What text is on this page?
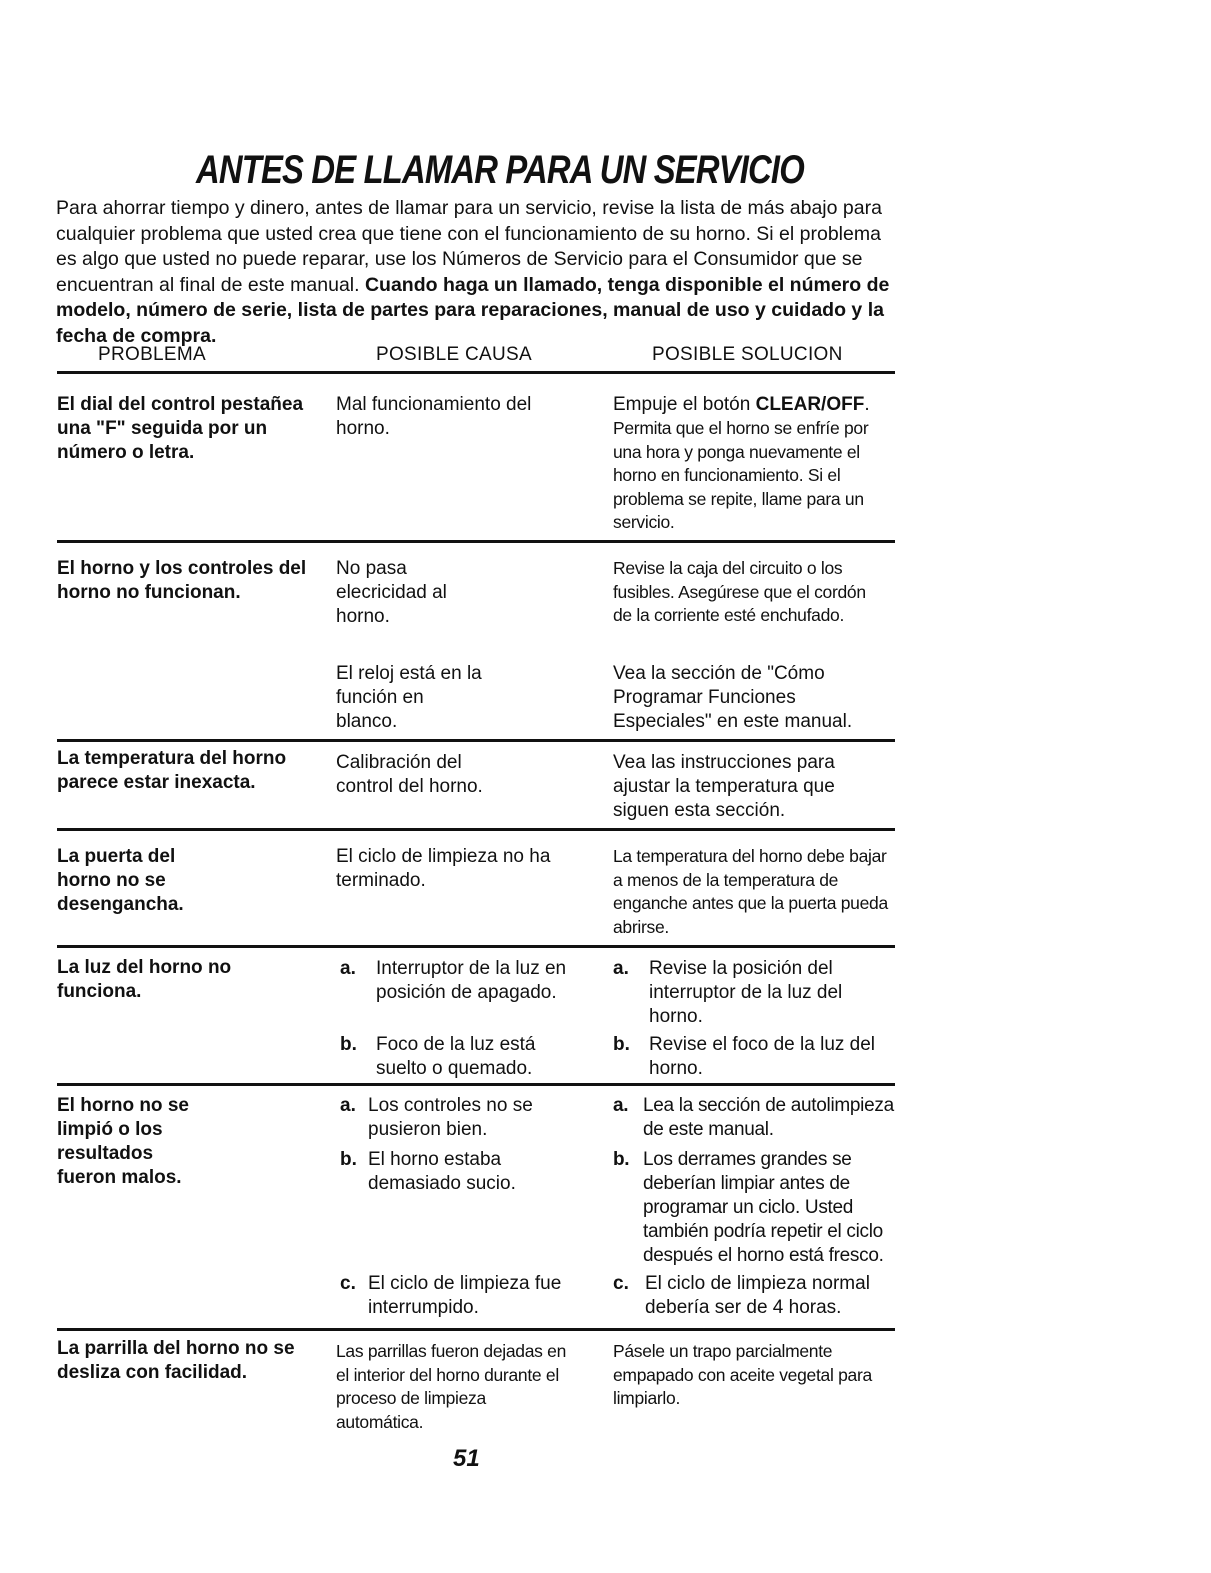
ANTES DE LLAMAR PARA UN SERVICIO
Para ahorrar tiempo y dinero, antes de llamar para un servicio, revise la lista de más abajo para cualquier problema que usted crea que tiene con el funcionamiento de su horno. Si el problema es algo que usted no puede reparar, use los Números de Servicio para el Consumidor que se encuentran al final de este manual. Cuando haga un llamado, tenga disponible el número de modelo, número de serie, lista de partes para reparaciones, manual de uso y cuidado y la fecha de compra.
PROBLEMA	POSIBLE CAUSA	POSIBLE SOLUCION
El dial del control pestañea una "F" seguida por un número o letra.
Mal funcionamiento del horno.
Empuje el botón CLEAR/OFF.
Permita que el horno se enfríe por una hora y ponga nuevamente el horno en funcionamiento. Si el problema se repite, llame para un servicio.
El horno y los controles del horno no funcionan.
No pasa elecricidad al horno.
Revise la caja del circuito o los fusibles. Asegúrese que el cordón de la corriente esté enchufado.
El reloj está en la función en blanco.
Vea la sección de "Cómo Programar Funciones Especiales" en este manual.
La temperatura del horno parece estar inexacta.
Calibración del control del horno.
Vea las instrucciones para ajustar la temperatura que siguen esta sección.
La puerta del horno no se desengancha.
El ciclo de limpieza no ha terminado.
La temperatura del horno debe bajar a menos de la temperatura de enganche antes que la puerta pueda abrirse.
La luz del horno no funciona.
a. Interruptor de la luz en posición de apagado.
b. Foco de la luz está suelto o quemado.
a. Revise la posición del interruptor de la luz del horno.
b. Revise el foco de la luz del horno.
El horno no se limpió o los resultados fueron malos.
a. Los controles no se pusieron bien.
b. El horno estaba demasiado sucio.
c. El ciclo de limpieza fue interrumpido.
a. Lea la sección de autolimpieza de este manual.
b. Los derrames grandes se deberían limpiar antes de programar un ciclo. Usted también podría repetir el ciclo después el horno está fresco.
c. El ciclo de limpieza normal debería ser de 4 horas.
La parrilla del horno no se desliza con facilidad.
Las parrillas fueron dejadas en el interior del horno durante el proceso de limpieza automática.
Pásele un trapo parcialmente empapado con aceite vegetal para limpiarlo.
51
